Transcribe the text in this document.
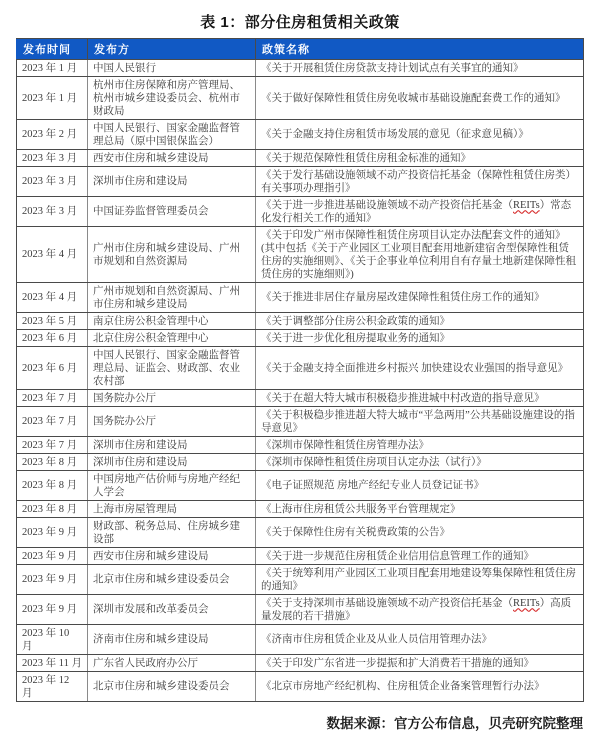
表 1：部分住房租赁相关政策
发布时间	发布方	政策名称
2023 年 1 月	中国人民银行	《关于开展租赁住房贷款支持计划试点有关事宜的通知》
2023 年 1 月	杭州市住房保障和房产管理局、杭州市城乡建设委员会、杭州市财政局	《关于做好保障性租赁住房免收城市基础设施配套费工作的通知》
2023 年 2 月	中国人民银行、国家金融监督管理总局（原中国银保监会）	《关于金融支持住房租赁市场发展的意见（征求意见稿）》
2023 年 3 月	西安市住房和城乡建设局	《关于规范保障性租赁住房租金标准的通知》
2023 年 3 月	深圳市住房和建设局	《关于发行基础设施领域不动产投资信托基金（保障性租赁住房类）有关事项办理指引》
2023 年 3 月	中国证券监督管理委员会	《关于进一步推进基础设施领域不动产投资信托基金（REITs）常态化发行相关工作的通知》
2023 年 4 月	广州市住房和城乡建设局、广州市规划和自然资源局	《关于印发广州市保障性租赁住房项目认定办法配套文件的通知》(其中包括《关于产业园区工业项目配套用地新建宿舍型保障性租赁住房的实施细则》、《关于企事业单位利用自有存量土地新建保障性租赁住房的实施细则》)
2023 年 4 月	广州市规划和自然资源局、广州市住房和城乡建设局	《关于推进非居住存量房屋改建保障性租赁住房工作的通知》
2023 年 5 月	南京住房公积金管理中心	《关于调整部分住房公积金政策的通知》
2023 年 6 月	北京住房公积金管理中心	《关于进一步优化租房提取业务的通知》
2023 年 6 月	中国人民银行、国家金融监督管理总局、证监会、财政部、农业农村部	《关于金融支持全面推进乡村振兴 加快建设农业强国的指导意见》
2023 年 7 月	国务院办公厅	《关于在超大特大城市积极稳步推进城中村改造的指导意见》
2023 年 7 月	国务院办公厅	《关于积极稳步推进超大特大城市“平急两用”公共基础设施建设的指导意见》
2023 年 7 月	深圳市住房和建设局	《深圳市保障性租赁住房管理办法》
2023 年 8 月	深圳市住房和建设局	《深圳市保障性租赁住房项目认定办法（试行）》
2023 年 8 月	中国房地产估价师与房地产经纪人学会	《电子证照规范 房地产经纪专业人员登记证书》
2023 年 8 月	上海市房屋管理局	《上海市住房租赁公共服务平台管理规定》
2023 年 9 月	财政部、税务总局、住房城乡建设部	《关于保障性住房有关税费政策的公告》
2023 年 9 月	西安市住房和城乡建设局	《关于进一步规范住房租赁企业信用信息管理工作的通知》
2023 年 9 月	北京市住房和城乡建设委员会	《关于统筹利用产业园区工业项目配套用地建设筹集保障性租赁住房的通知》
2023 年 9 月	深圳市发展和改革委员会	《关于支持深圳市基础设施领域不动产投资信托基金（REITs）高质量发展的若干措施》
2023 年 10 月	济南市住房和城乡建设局	《济南市住房租赁企业及从业人员信用管理办法》
2023 年 11 月	广东省人民政府办公厅	《关于印发广东省进一步提振和扩大消费若干措施的通知》
2023 年 12 月	北京市住房和城乡建设委员会	《北京市房地产经纪机构、住房租赁企业备案管理暂行办法》
数据来源：官方公布信息，贝壳研究院整理
